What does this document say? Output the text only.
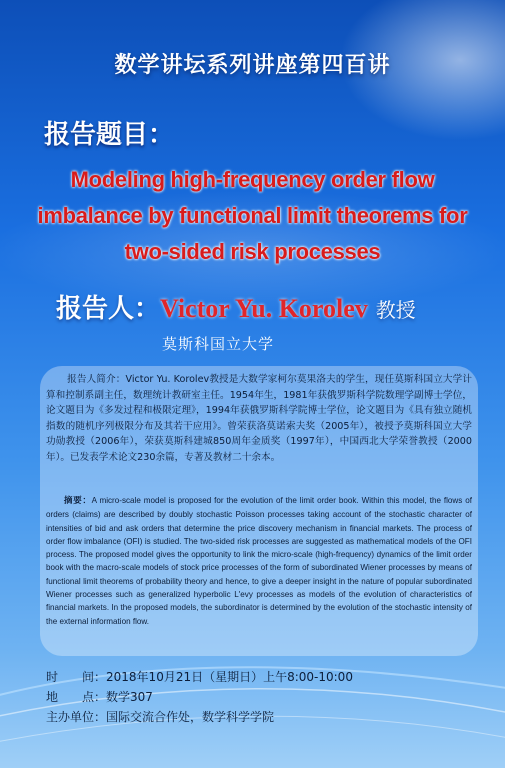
数学讲坛系列讲座第四百讲
报告题目：
Modeling high-frequency order flow imbalance by functional limit theorems for two-sided risk processes
报告人：Victor Yu. Korolev 教授
莫斯科国立大学

报告人简介：Victor Yu. Korolev教授是大数学家柯尔莫果洛夫的学生，现任莫斯科国立大学计算和控制系副主任，数理统计教研室主任。1954年生，1981年获俄罗斯科学院数理学副博士学位，论文题目为《多发过程和极限定理》，1994年获俄罗斯科学院博士学位，论文题目为《具有独立随机指数的随机序列极限分布及其若干应用》。曾荣获洛莫诺索夫奖（2005年），被授予莫斯科国立大学功勋教授（2006年），荣获莫斯科建城850周年金质奖（1997年），中国西北大学荣誉教授（2000年）。已发表学术论文230余篇，专著及教材二十余本。

摘要：A micro-scale model is proposed for the evolution of the limit order book. Within this model, the flows of orders (claims) are described by doubly stochastic Poisson processes taking account of the stochastic character of intensities of bid and ask orders that determine the price discovery mechanism in financial markets. The process of order flow imbalance (OFI) is studied. The two-sided risk processes are suggested as mathematical models of the OFI process. The proposed model gives the opportunity to link the micro-scale (high-frequency) dynamics of the limit order book with the macro-scale models of stock price processes of the form of subordinated Wiener processes by means of functional limit theorems of probability theory and hence, to give a deeper insight in the nature of popular subordinated Wiener processes such as generalized hyperbolic L'evy processes as models of the evolution of characteristics of financial markets. In the proposed models, the subordinator is determined by the evolution of the stochastic intensity of the external information flow.

时　　间：2018年10月21日（星期日）上午8:00-10:00
地　　点：数学307
主办单位：国际交流合作处，数学科学学院
